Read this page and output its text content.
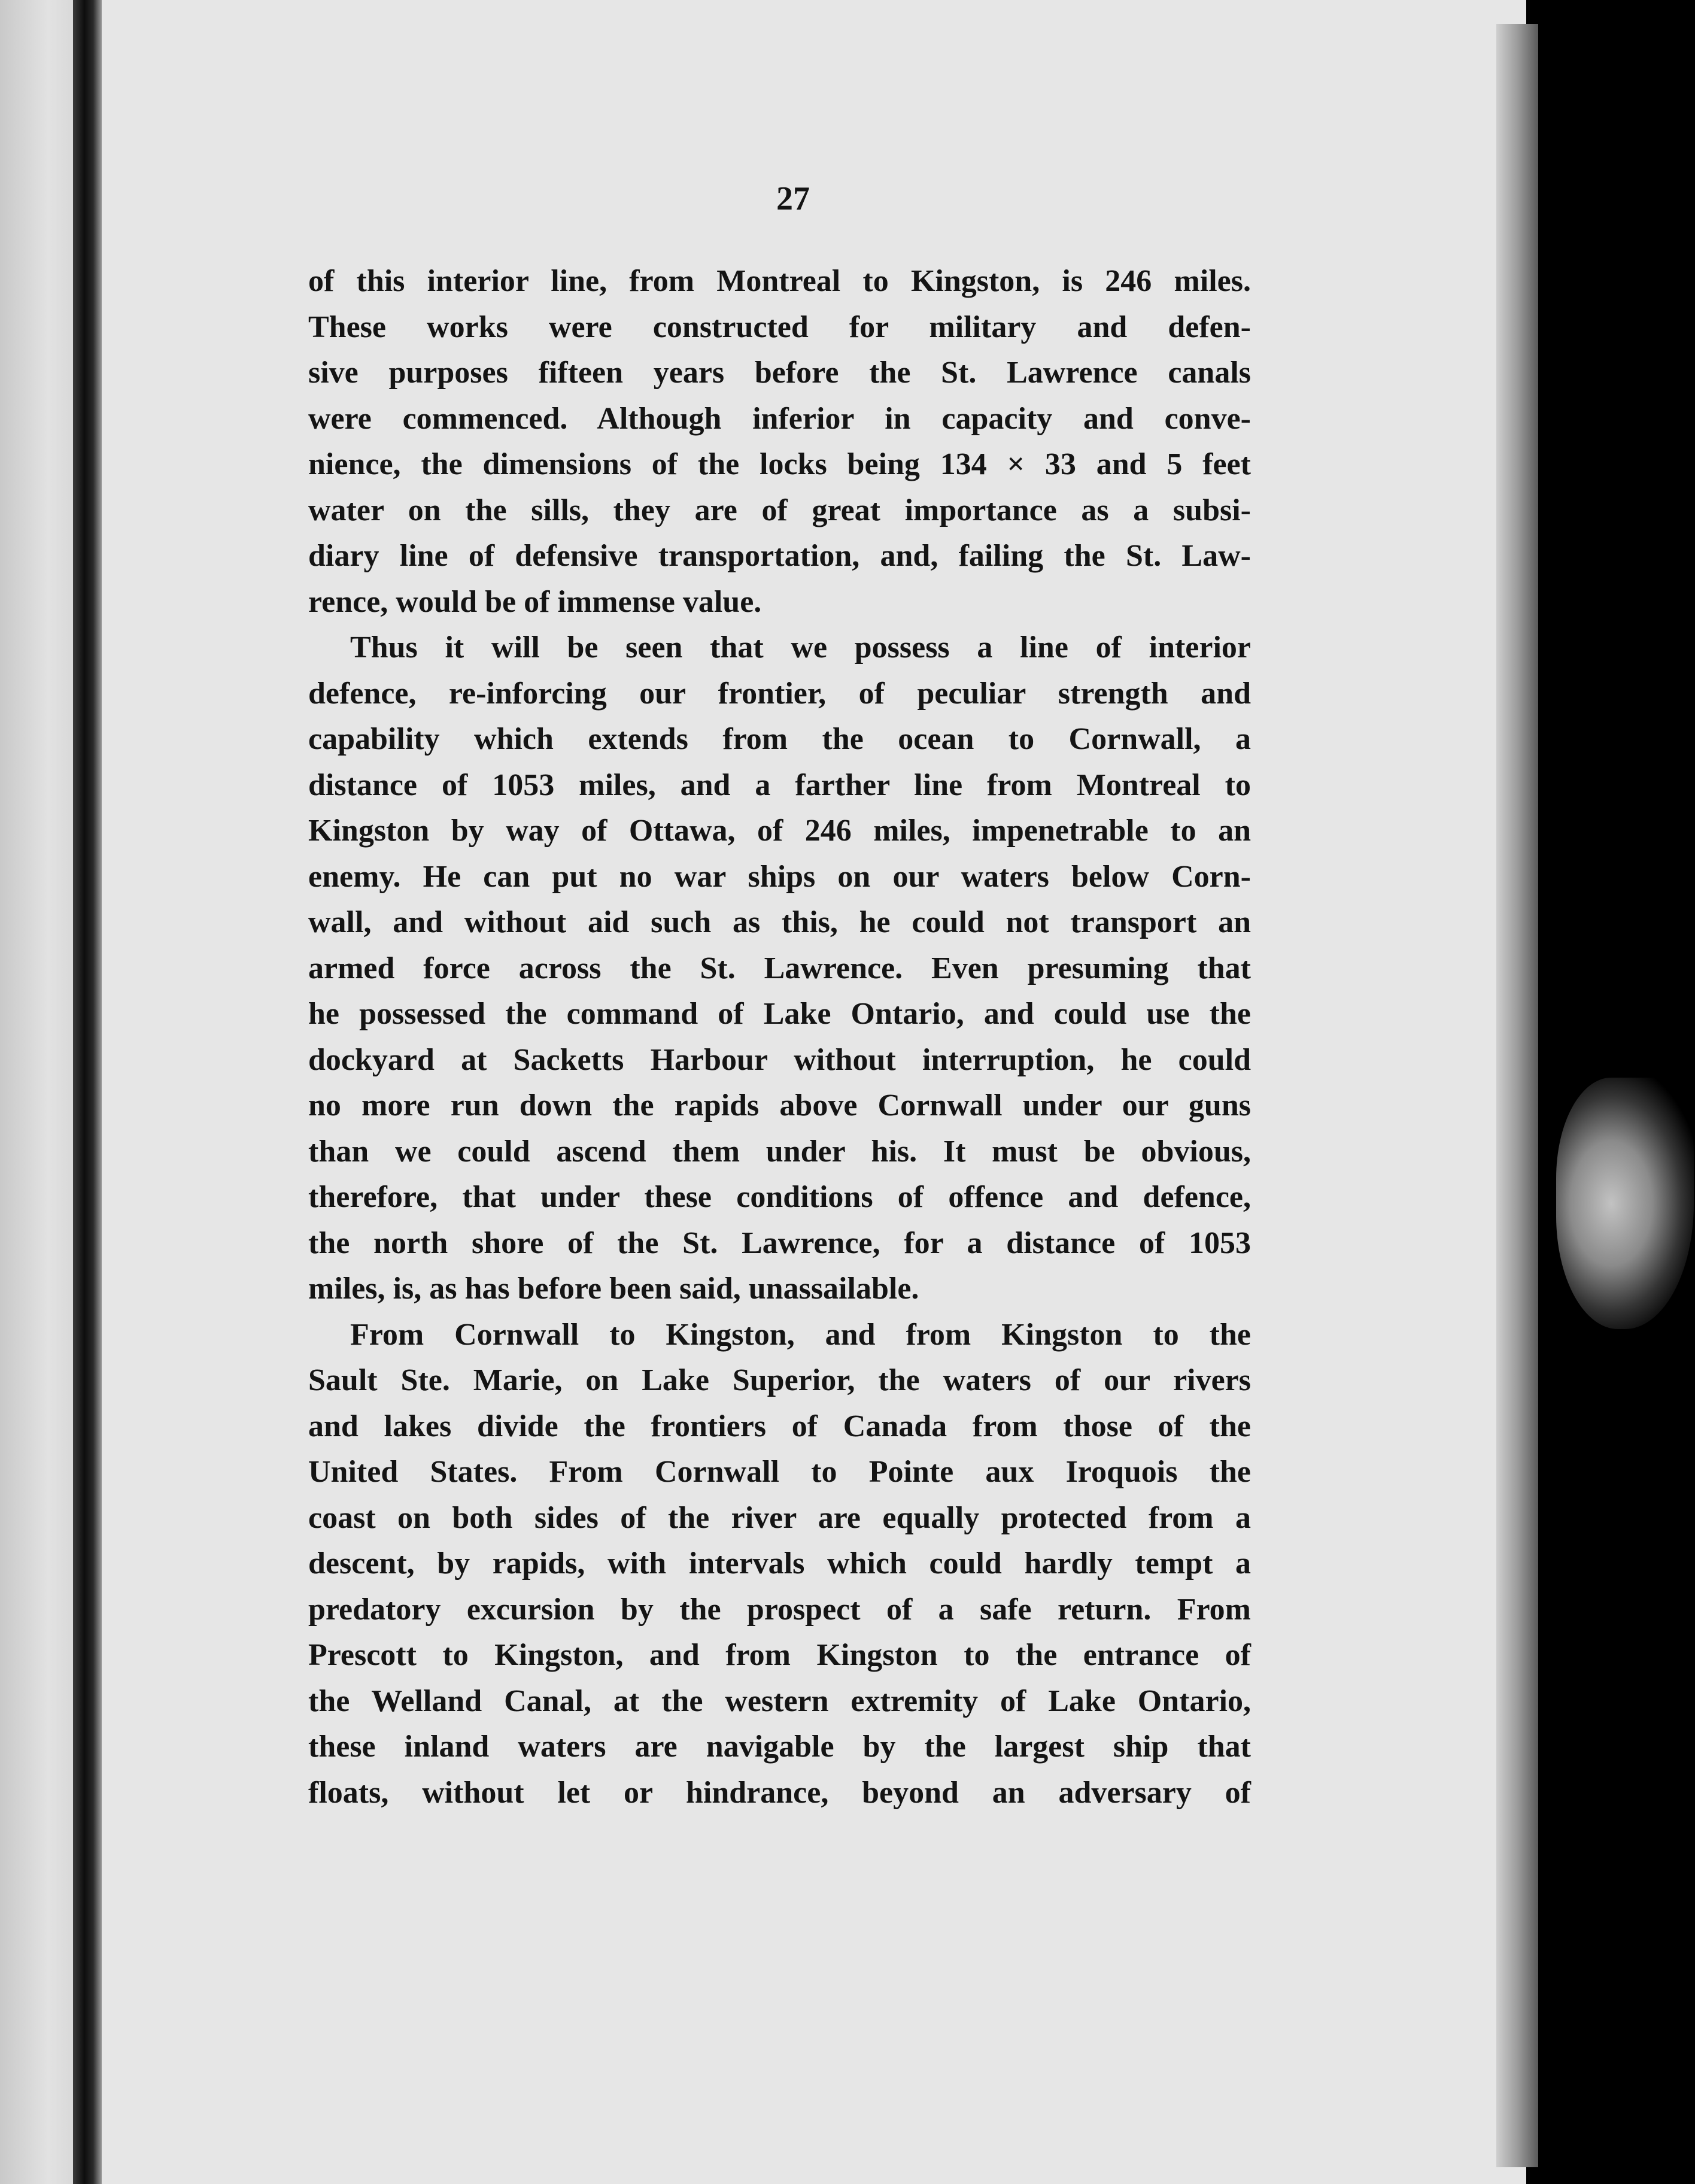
27
of this interior line, from Montreal to Kingston, is 246 miles.
These works were constructed for military and defen-
sive purposes fifteen years before the St. Lawrence canals
were commenced. Although inferior in capacity and conve-
nience, the dimensions of the locks being 134 × 33 and 5 feet
water on the sills, they are of great importance as a subsi-
diary line of defensive transportation, and, failing the St. Law-
rence, would be of immense value.
Thus it will be seen that we possess a line of interior
defence, re-inforcing our frontier, of peculiar strength and
capability which extends from the ocean to Cornwall, a
distance of 1053 miles, and a farther line from Montreal to
Kingston by way of Ottawa, of 246 miles, impenetrable to an
enemy. He can put no war ships on our waters below Corn-
wall, and without aid such as this, he could not transport an
armed force across the St. Lawrence. Even presuming that
he possessed the command of Lake Ontario, and could use the
dockyard at Sacketts Harbour without interruption, he could
no more run down the rapids above Cornwall under our guns
than we could ascend them under his. It must be obvious,
therefore, that under these conditions of offence and defence,
the north shore of the St. Lawrence, for a distance of 1053
miles, is, as has before been said, unassailable.
From Cornwall to Kingston, and from Kingston to the
Sault Ste. Marie, on Lake Superior, the waters of our rivers
and lakes divide the frontiers of Canada from those of the
United States. From Cornwall to Pointe aux Iroquois the
coast on both sides of the river are equally protected from a
descent, by rapids, with intervals which could hardly tempt a
predatory excursion by the prospect of a safe return. From
Prescott to Kingston, and from Kingston to the entrance of
the Welland Canal, at the western extremity of Lake Ontario,
these inland waters are navigable by the largest ship that
floats, without let or hindrance, beyond an adversary of
